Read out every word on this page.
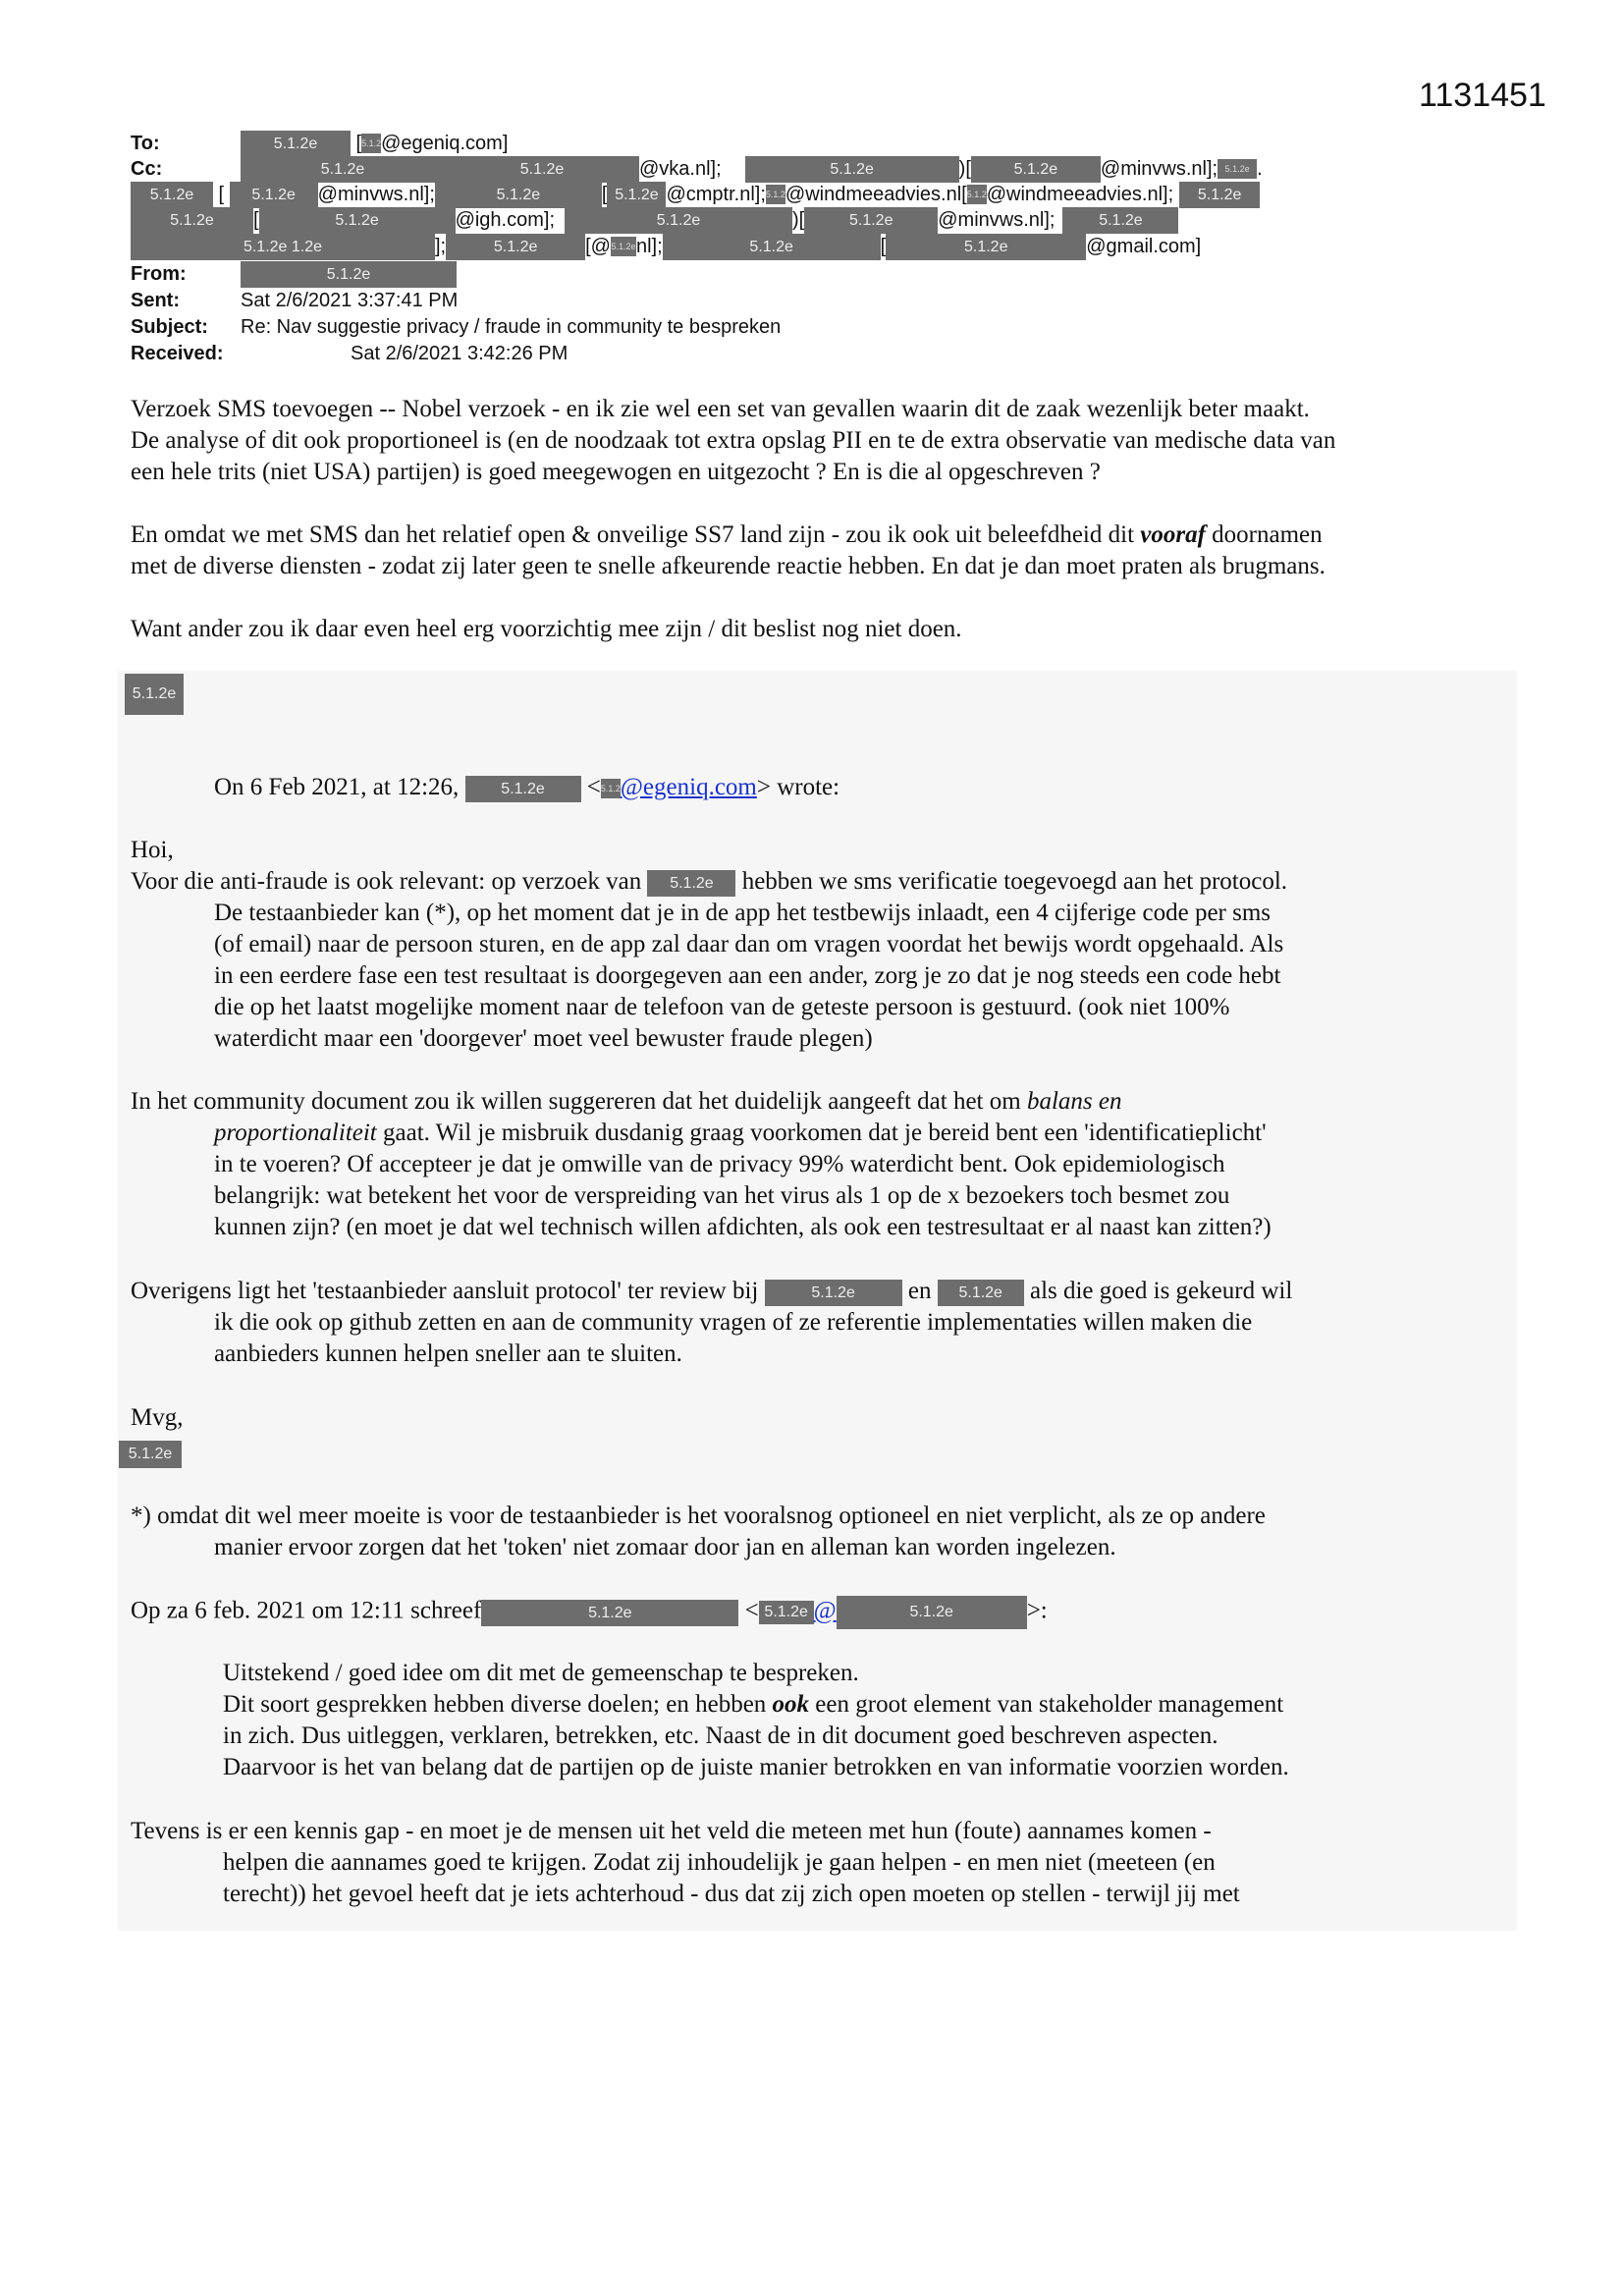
1131451
To:	5.1.2e	[ 5.1.2e
@egeniq.com]
Cc:	5.1.2e	5.1.2e	@vka.nl];	5.1.2e	)[	5.1.2e	@minvws.nl]; 5.1.2e .
5.1.2e [	5.1.2e	@minvws.nl];	5.1.2e	[ 5.1.2e @cmptr.nl]; 5.1.2e
@windmeeadvies.nl[ 5.1.2e
@windmeeadvies.nl];	5.1.2e
5.1.2e	[	5.1.2e	@igh.com];	5.1.2e	)[	5.1.2e	@minvws.nl];	5.1.2e
5.1.2e 1.2e	];	5.1.2e	[@ 5.1.2e nl];	5.1.2e	[	5.1.2e	@gmail.com]
From:	5.1.2e
Sent:	Sat 2/6/2021 3:37:41 PM
Subject:	Re: Nav suggestie privacy / fraude in community te bespreken
Received:	Sat 2/6/2021 3:42:26 PM
Verzoek SMS toevoegen -- Nobel verzoek - en ik zie wel een set van gevallen waarin dit de zaak wezenlijk beter maakt.
De analyse of dit ook proportioneel is (en de noodzaak tot extra opslag PII en te de extra observatie van medische data van
een hele trits (niet USA) partijen) is goed meegewogen en uitgezocht ? En is die al opgeschreven ?
En omdat we met SMS dan het relatief open & onveilige SS7 land zijn - zou ik ook uit beleefdheid dit vooraf doornamen
met de diverse diensten - zodat zij later geen te snelle afkeurende reactie hebben. En dat je dan moet praten als brugmans.
Want ander zou ik daar even heel erg voorzichtig mee zijn / dit beslist nog niet doen.
5.1.2e
On 6 Feb 2021, at 12:26,	5.1.2e <5.1.2e@egeniq.com> wrote:
Hoi,
Voor die anti-fraude is ook relevant: op verzoek van 5.1.2e hebben we sms verificatie toegevoegd aan het protocol.
De testaanbieder kan (*), op het moment dat je in de app het testbewijs inlaadt, een 4 cijferige code per sms
(of email) naar de persoon sturen, en de app zal daar dan om vragen voordat het bewijs wordt opgehaald. Als
in een eerdere fase een test resultaat is doorgegeven aan een ander, zorg je zo dat je nog steeds een code hebt
die op het laatst mogelijke moment naar de telefoon van de geteste persoon is gestuurd. (ook niet 100%
waterdicht maar een 'doorgever' moet veel bewuster fraude plegen)
In het community document zou ik willen suggereren dat het duidelijk aangeeft dat het om balans en
proportionaliteit gaat. Wil je misbruik dusdanig graag voorkomen dat je bereid bent een 'identificatieplicht'
in te voeren? Of accepteer je dat je omwille van de privacy 99% waterdicht bent. Ook epidemiologisch
belangrijk: wat betekent het voor de verspreiding van het virus als 1 op de x bezoekers toch besmet zou
kunnen zijn? (en moet je dat wel technisch willen afdichten, als ook een testresultaat er al naast kan zitten?)
Overigens ligt het 'testaanbieder aansluit protocol' ter review bij	5.1.2e en 5.1.2e als die goed is gekeurd wil
ik die ook op github zetten en aan de community vragen of ze referentie implementaties willen maken die
aanbieders kunnen helpen sneller aan te sluiten.
Mvg,
5.1.2e
*) omdat dit wel meer moeite is voor de testaanbieder is het vooralsnog optioneel en niet verplicht, als ze op andere
manier ervoor zorgen dat het 'token' niet zomaar door jan en alleman kan worden ingelezen.
Op za 6 feb. 2021 om 12:11 schreef	5.1.2e	< 5.1.2e @	5.1.2e	>:
Uitstekend / goed idee om dit met de gemeenschap te bespreken.
Dit soort gesprekken hebben diverse doelen; en hebben ook een groot element van stakeholder management
in zich. Dus uitleggen, verklaren, betrekken, etc. Naast de in dit document goed beschreven aspecten.
Daarvoor is het van belang dat de partijen op de juiste manier betrokken en van informatie voorzien worden.
Tevens is er een kennis gap - en moet je de mensen uit het veld die meteen met hun (foute) aannames komen -
helpen die aannames goed te krijgen. Zodat zij inhoudelijk je gaan helpen - en men niet (meeteen (en
terecht)) het gevoel heeft dat je iets achterhoud - dus dat zij zich open moeten op stellen - terwijl jij met
